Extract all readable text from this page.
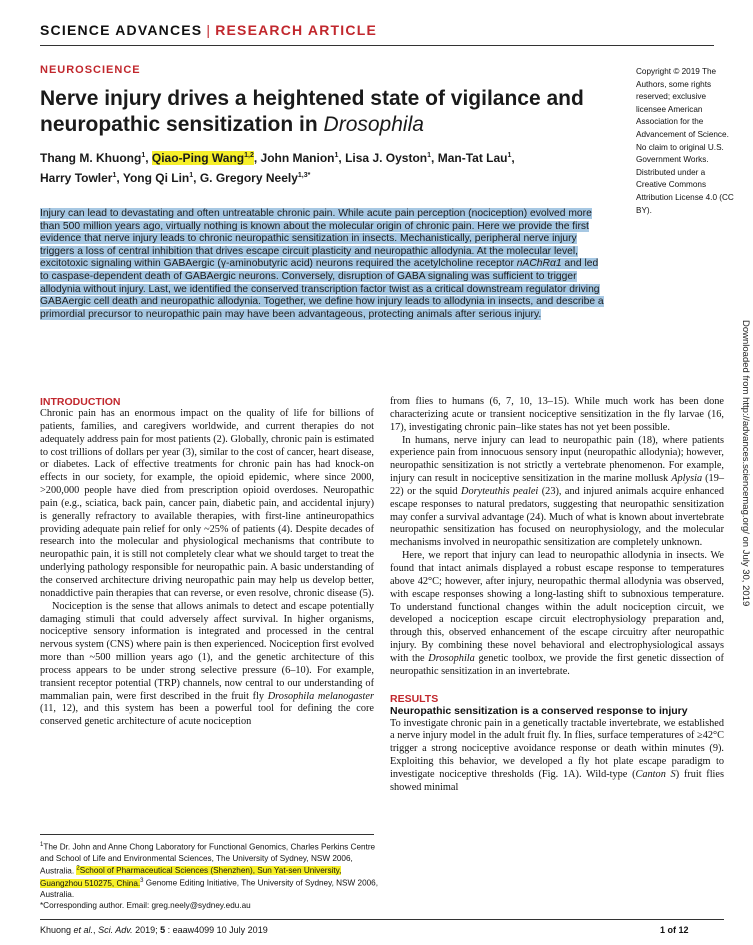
SCIENCE ADVANCES | RESEARCH ARTICLE
NEUROSCIENCE
Nerve injury drives a heightened state of vigilance and neuropathic sensitization in Drosophila
Thang M. Khuong$^1$, Qiao-Ping Wang$^{1,2}$, John Manion$^1$, Lisa J. Oyston$^1$, Man-Tat Lau$^1$,
Harry Towler$^1$, Yong Qi Lin$^1$, G. Gregory Neely$^{1,3*}$
Copyright © 2019 The Authors, some rights reserved; exclusive licensee American Association for the Advancement of Science. No claim to original U.S. Government Works. Distributed under a Creative Commons Attribution License 4.0 (CC BY).
Injury can lead to devastating and often untreatable chronic pain. While acute pain perception (nociception) evolved more than 500 million years ago, virtually nothing is known about the molecular origin of chronic pain. Here we provide the first evidence that nerve injury leads to chronic neuropathic sensitization in insects. Mechanistically, peripheral nerve injury triggers a loss of central inhibition that drives escape circuit plasticity and neuropathic allodynia. At the molecular level, excitotoxic signaling within GABAergic (γ-aminobutyric acid) neurons required the acetylcholine receptor nAChRα1 and led to caspase-dependent death of GABAergic neurons. Conversely, disruption of GABA signaling was sufficient to trigger allodynia without injury. Last, we identified the conserved transcription factor twist as a critical downstream regulator driving GABAergic cell death and neuropathic allodynia. Together, we define how injury leads to allodynia in insects, and describe a primordial precursor to neuropathic pain may have been advantageous, protecting animals after serious injury.

INTRODUCTION

Chronic pain has an enormous impact on the quality of life for billions of patients, families, and caregivers worldwide, and current therapies do not adequately address pain for most patients (2). Globally, chronic pain is estimated to cost trillions of dollars per year (3), similar to the cost of cancer, heart disease, or diabetes. Lack of effective treatments for chronic pain has had knock-on effects in our society, for example, the opioid epidemic, where since 2000, >200,000 people have died from prescription opioid overdoses. Neuropathic pain (e.g., sciatica, back pain, cancer pain, diabetic pain, and accidental injury) is generally refractory to available therapies, with first-line antineuropathics providing adequate pain relief for only ~25% of patients (4). Despite decades of research into the molecular and physiological mechanisms that contribute to neuropathic pain, it is still not completely clear what we should target to treat the underlying pathology responsible for neuropathic pain. A basic understanding of the conserved architecture driving neuropathic pain may help us develop better, nonaddictive pain therapies that can reverse, or even resolve, chronic disease (5).

Nociception is the sense that allows animals to detect and escape potentially damaging stimuli that could adversely affect survival. In higher organisms, nociceptive sensory information is integrated and processed in the central nervous system (CNS) where pain is then experienced. Nociception first evolved more than ~500 million years ago (1), and the genetic architecture of this process appears to be under strong selective pressure (6–10). For example, transient receptor potential (TRP) channels, now central to our understanding of mammalian pain, were first described in the fruit fly Drosophila melanogaster (11, 12), and this system has been a powerful tool for defining the core conserved genetic architecture of acute nociception

from flies to humans (6, 7, 10, 13–15). While much work has been done characterizing acute or transient nociceptive sensitization in the fly larvae (16, 17), investigating chronic pain–like states has not yet been possible.

In humans, nerve injury can lead to neuropathic pain (18), where patients experience pain from innocuous sensory input (neuropathic allodynia); however, neuropathic sensitization is not strictly a vertebrate phenomenon. For example, injury can result in nociceptive sensitization in the marine mollusk Aplysia (19–22) or the squid Doryteuthis pealei (23), and injured animals acquire enhanced escape responses to natural predators, suggesting that neuropathic sensitization may confer a survival advantage (24). Much of what is known about invertebrate neuropathic sensitization has focused on neurophysiology, and the molecular mechanisms involved in neuropathic sensitization are completely unknown.

Here, we report that injury can lead to neuropathic allodynia in insects. We found that intact animals displayed a robust escape response to temperatures above 42°C; however, after injury, neuropathic thermal allodynia was observed, with escape responses showing a long-lasting shift to subnoxious temperature. To understand functional changes within the adult nociception circuit, we developed a nociception escape circuit electrophysiology preparation and, through this, observed enhancement of the escape circuitry after neuropathic injury. By combining these novel behavioral and electrophysiological assays with the Drosophila genetic toolbox, we provide the first genetic dissection of neuropathic sensitization in an invertebrate.

RESULTS

Neuropathic sensitization is a conserved response to injury

To investigate chronic pain in a genetically tractable invertebrate, we established a nerve injury model in the adult fruit fly. In flies, surface temperatures of ≥42°C trigger a strong nociceptive avoidance response or death within minutes (9). Exploiting this behavior, we developed a fly hot plate escape paradigm to investigate nociceptive thresholds (Fig. 1A). Wild-type (Canton S) fruit flies showed minimal

$^1$The Dr. John and Anne Chong Laboratory for Functional Genomics, Charles Perkins Centre and School of Life and Environmental Sciences, The University of Sydney, NSW 2006, Australia. $^2$School of Pharmaceutical Sciences (Shenzhen), Sun Yat-sen University, Guangzhou 510275, China.$^3$ Genome Editing Initiative, The University of Sydney, NSW 2006, Australia.
*Corresponding author. Email: greg.neely@sydney.edu.au
Khuong et al., Sci. Adv. 2019; 5 : eaaw4099 10 July 2019	1 of 12
Downloaded from http://advances.sciencemag.org/ on July 30, 2019
